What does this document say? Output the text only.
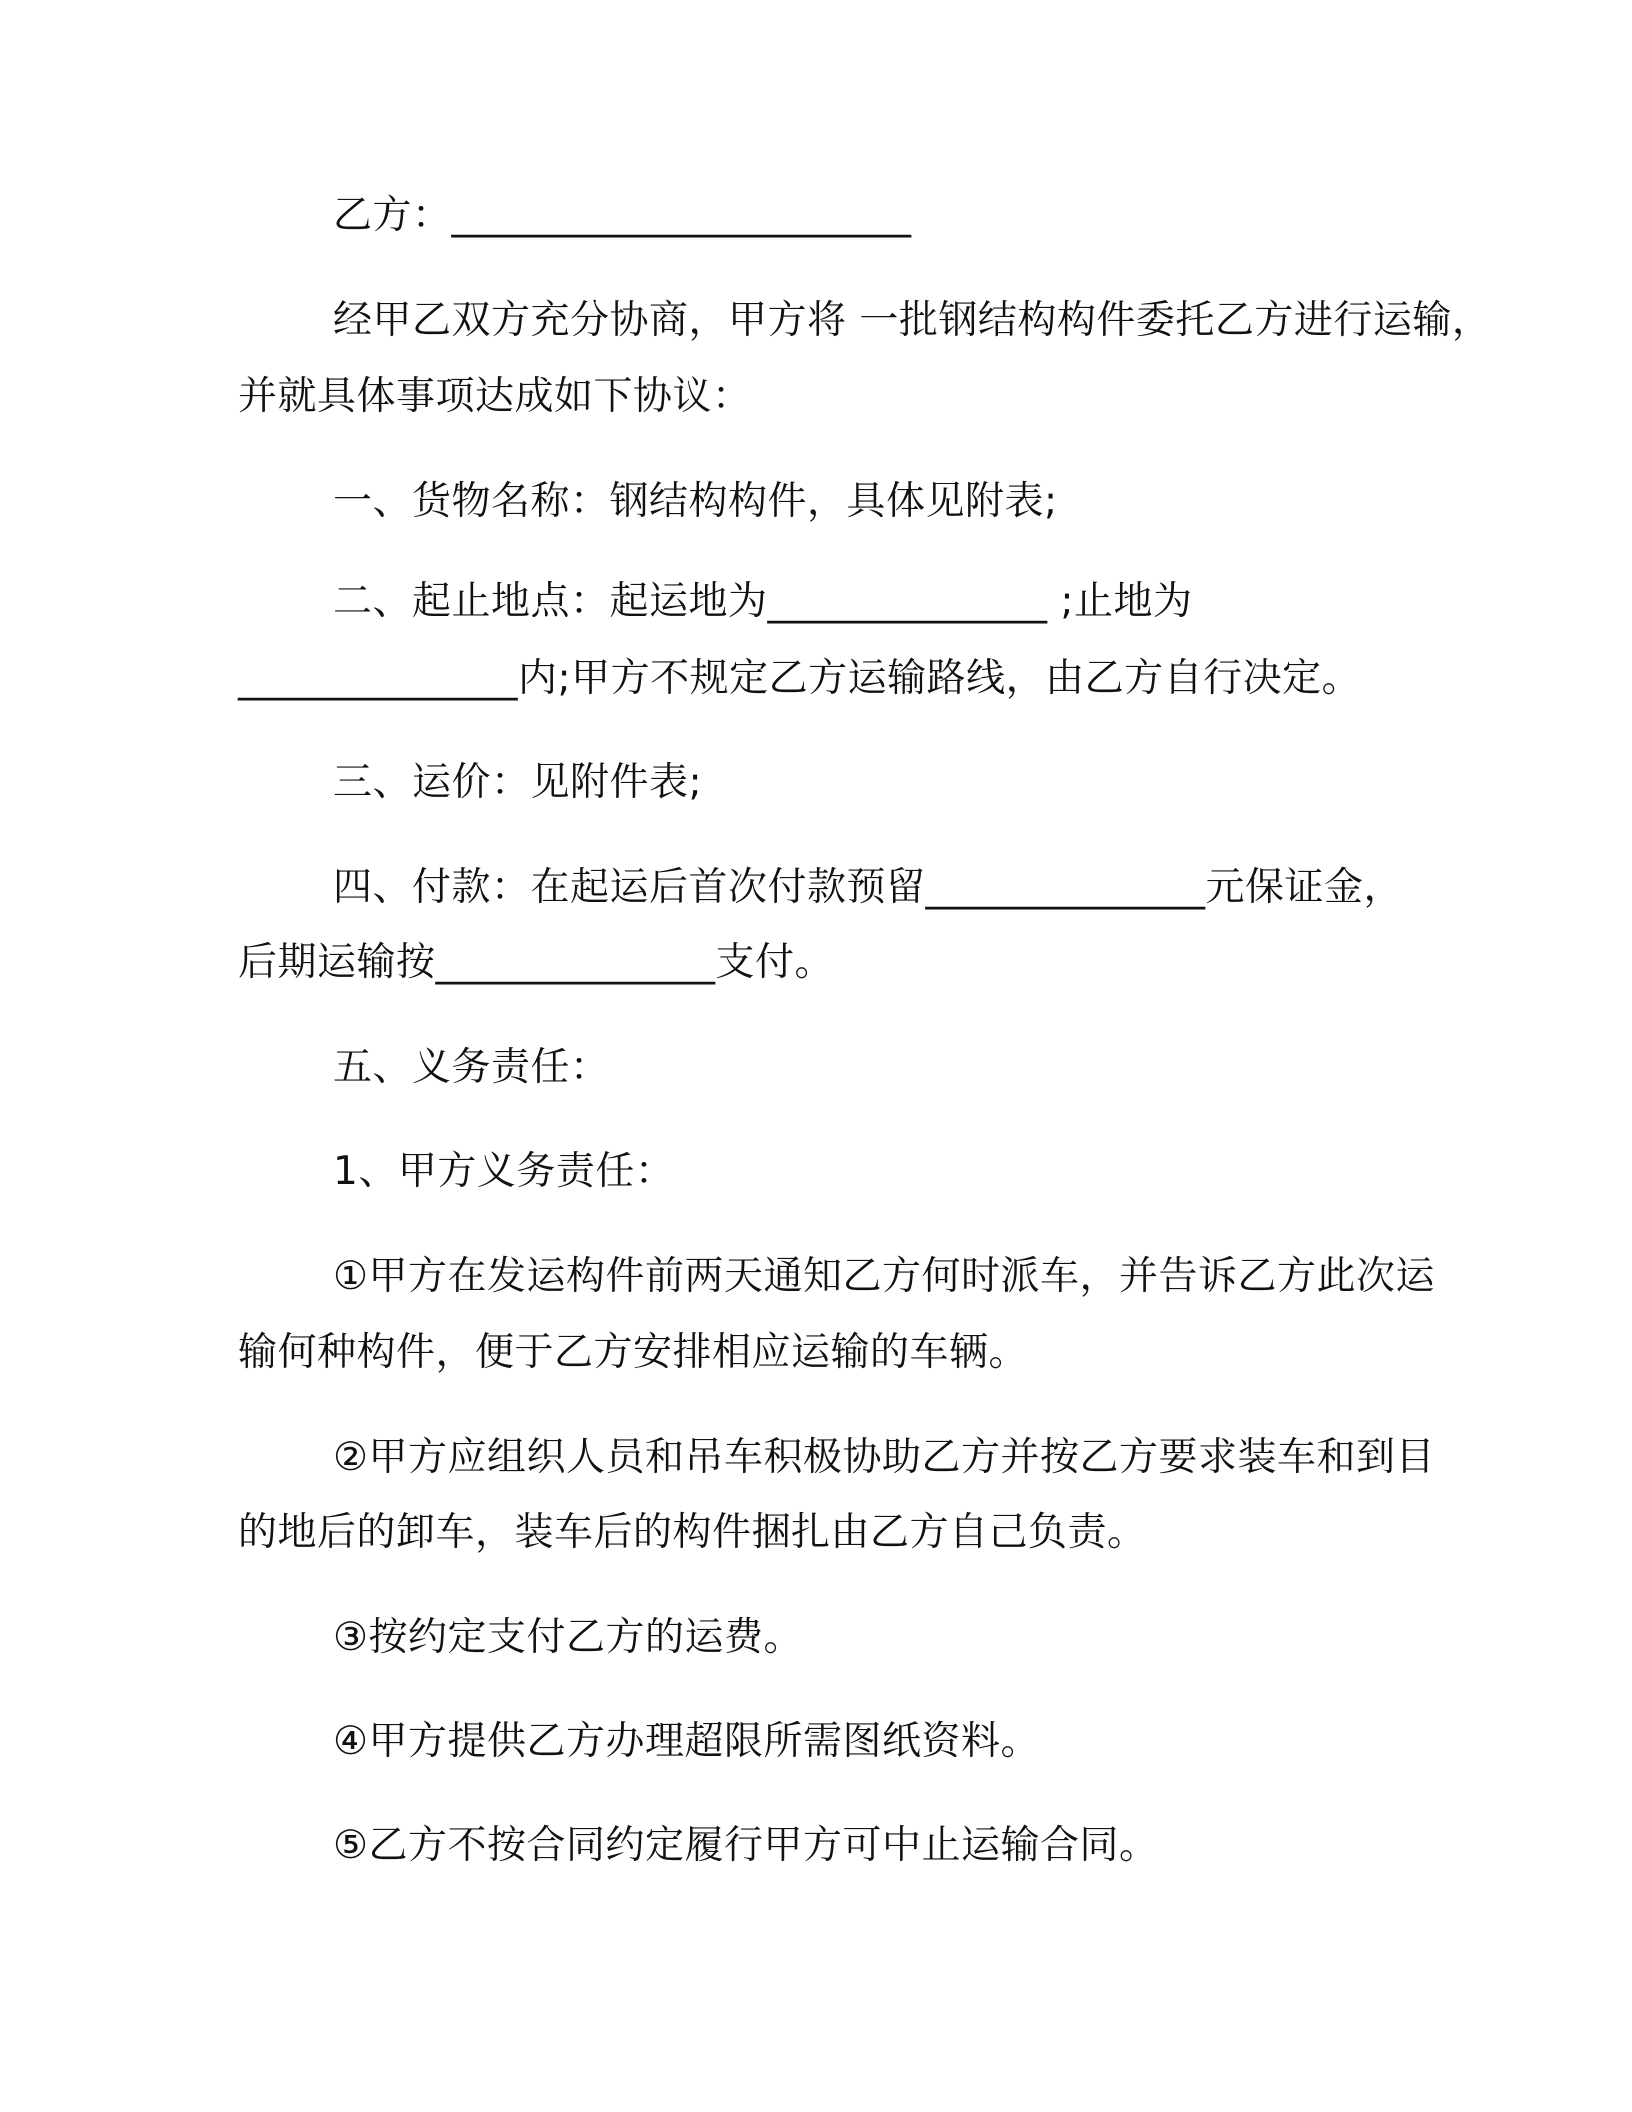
乙方：_______________________
经甲乙双方充分协商，甲方将 一批钢结构构件委托乙方进行运输，
并就具体事项达成如下协议：
一、货物名称：钢结构构件，具体见附表;
二、起止地点：起运地为______________ ;止地为
______________内;甲方不规定乙方运输路线，由乙方自行决定。
三、运价：见附件表;
四、付款：在起运后首次付款预留______________元保证金，
后期运输按______________支付。
五、义务责任：
1、甲方义务责任：
①甲方在发运构件前两天通知乙方何时派车，并告诉乙方此次运
输何种构件，便于乙方安排相应运输的车辆。
②甲方应组织人员和吊车积极协助乙方并按乙方要求装车和到目
的地后的卸车，装车后的构件捆扎由乙方自己负责。
③按约定支付乙方的运费。
④甲方提供乙方办理超限所需图纸资料。
⑤乙方不按合同约定履行甲方可中止运输合同。
